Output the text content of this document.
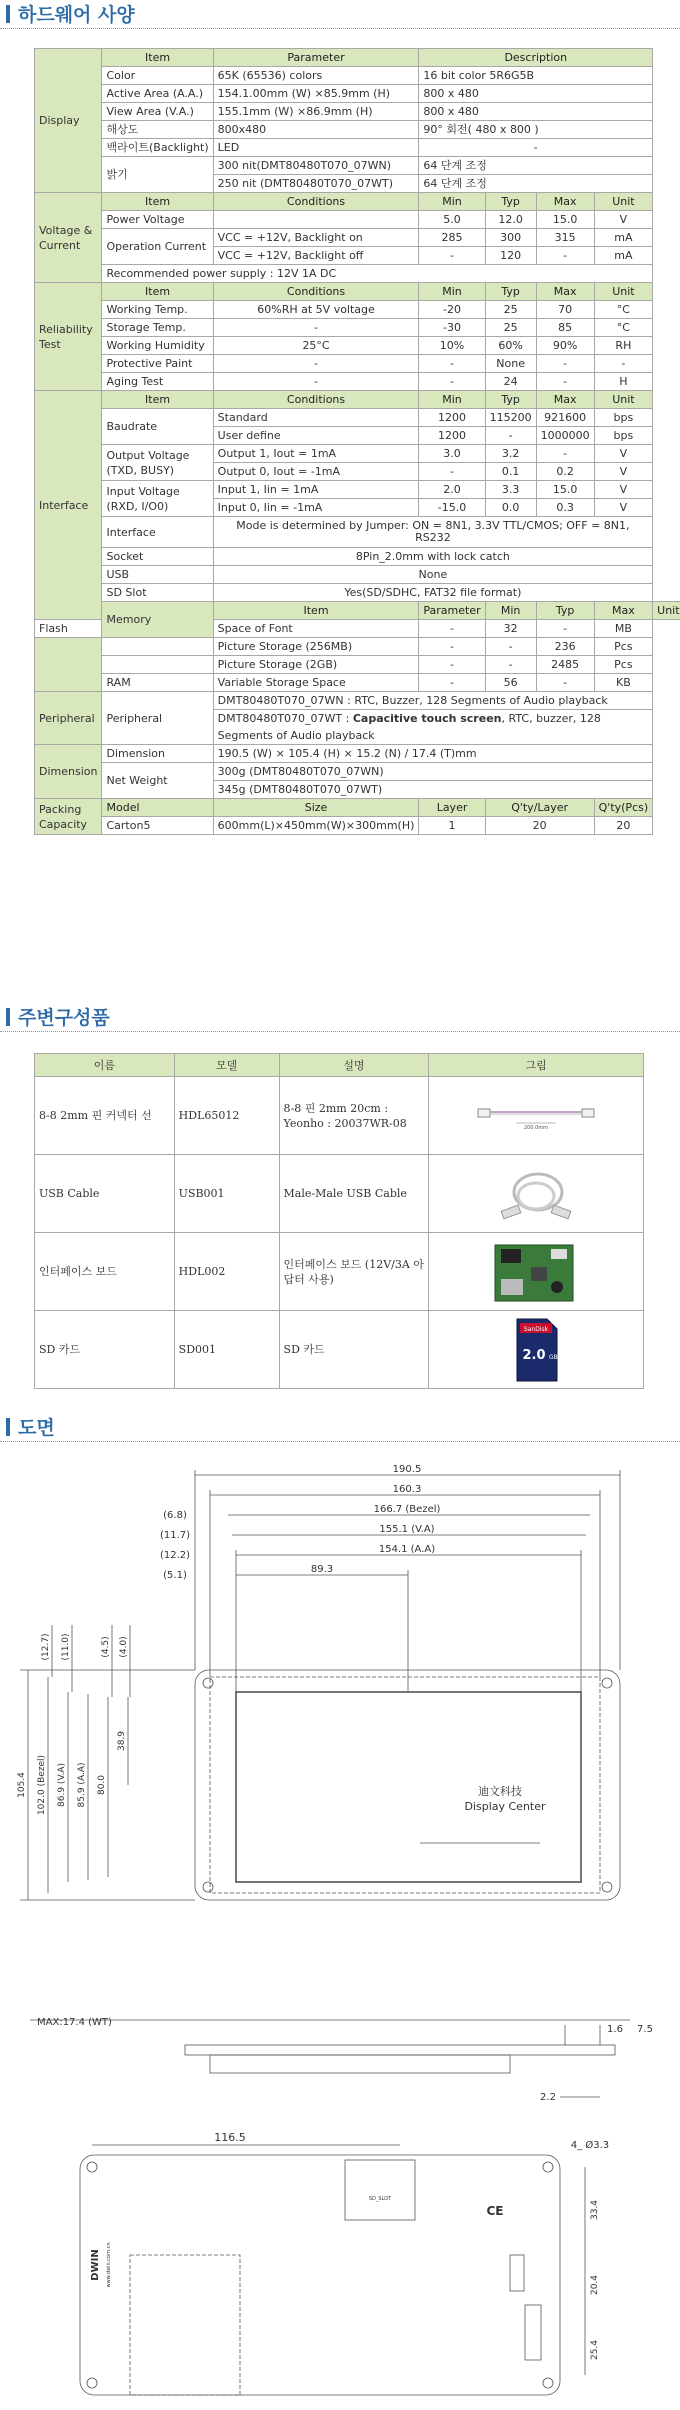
하드웨어 사양
Display	Item	Parameter	Description				
	Color	65K (65536) colors	16 bit color 5R6G5B				
	Active Area (A.A.)	154.1.00mm (W) ×85.9mm (H)	800 x 480				
	View Area (V.A.)	155.1mm (W) ×86.9mm (H)	800 x 480				
	해상도	800x480	90° 회전( 480 x 800 )				
	백라이트(Backlight)	LED	-				
	밝기	300 nit(DMT80480T070_07WN)	64 단계 조정				
		250 nit (DMT80480T070_07WT)	64 단계 조정				
Voltage & Current	Item	Conditions	Min	Typ	Max	Unit	
	Power Voltage		5.0	12.0	15.0	V	
	Operation Current	VCC = +12V, Backlight on	285	300	315	mA	
		VCC = +12V, Backlight off	-	120	-	mA	
	Recommended power supply : 12V 1A DC						
Reliability Test	Item	Conditions	Min	Typ	Max	Unit	
	Working Temp.	60%RH at 5V voltage	-20	25	70	°C	
	Storage Temp.	-	-30	25	85	°C	
	Working Humidity	25°C	10%	60%	90%	RH	
	Protective Paint	-	-	None	-	-	
	Aging Test	-	-	24	-	H	
Interface	Item	Conditions	Min	Typ	Max	Unit	
	Baudrate	Standard	1200	115200	921600	bps	
		User define	1200	-	1000000	bps	
	Output Voltage (TXD, BUSY)	Output 1, Iout = 1mA	3.0	3.2	-	V	
		Output 0, Iout = -1mA	-	0.1	0.2	V	
	Input Voltage (RXD, I/O0)	Input 1, Iin = 1mA	2.0	3.3	15.0	V	
		Input 0, Iin = -1mA	-15.0	0.0	0.3	V	
	Interface	Mode is determined by Jumper: ON = 8N1, 3.3V TTL/CMOS; OFF = 8N1, RS232					
	Socket	8Pin_2.0mm with lock catch					
	USB	None					
	SD Slot	Yes(SD/SDHC, FAT32 file format)					
	Memory	Item	Parameter	Min	Typ	Max	Unit
Flash		Space of Font	-	32	-	MB	
		Picture Storage (256MB)	-	-	236	Pcs	
		Picture Storage (2GB)	-	-	2485	Pcs	
	RAM	Variable Storage Space	-	56	-	KB	
Peripheral	Peripheral	DMT80480T070_07WN : RTC, Buzzer, 128 Segments of Audio playback					
		DMT80480T070_07WT : Capacitive touch screen, RTC, buzzer, 128					
		Segments of Audio playback					
Dimension	Dimension	190.5 (W) × 105.4 (H) × 15.2 (N) / 17.4 (T)mm					
	Net Weight	300g (DMT80480T070_07WN)					
		345g (DMT80480T070_07WT)					
Packing Capacity	Model	Size	Layer	Q'ty/Layer		Q'ty(Pcs)	
	Carton5	600mm(L)×450mm(W)×300mm(H)	1	20		20	
주변구성품
이름	모델	설명	그림
8-8 2mm 핀 커넥터 선	HDL65012	8-8 핀 2mm 20cm : Yeonho : 20037WR-08	200.0mm

USB Cable	USB001	Male-Male USB Cable	

인터페이스 보드	HDL002	인터페이스 보드 (12V/3A 아답터 사용)	

SD 카드	SD001	SD 카드	SanDisk
2.0 GB
도면
190.5
160.3
166.7 (Bezel)
155.1 (V.A)
154.1 (A.A)
89.3
(6.8)
(11.7)
(12.2)
(5.1)
迪文科技
Display Center
MAX:17.4 (WT)
1.6 7.5
2.2
116.5
4_ Ø3.3
CE
SD_SLOT
105.4 102.0 (Bezel) 86.9 (V.A) 85.9 (A.A) 80.0
38.9
(12.7) (11.0)	(4.5) (4.0)
33.4
20.4
25.4
DWIN www.dwin.com.cn
